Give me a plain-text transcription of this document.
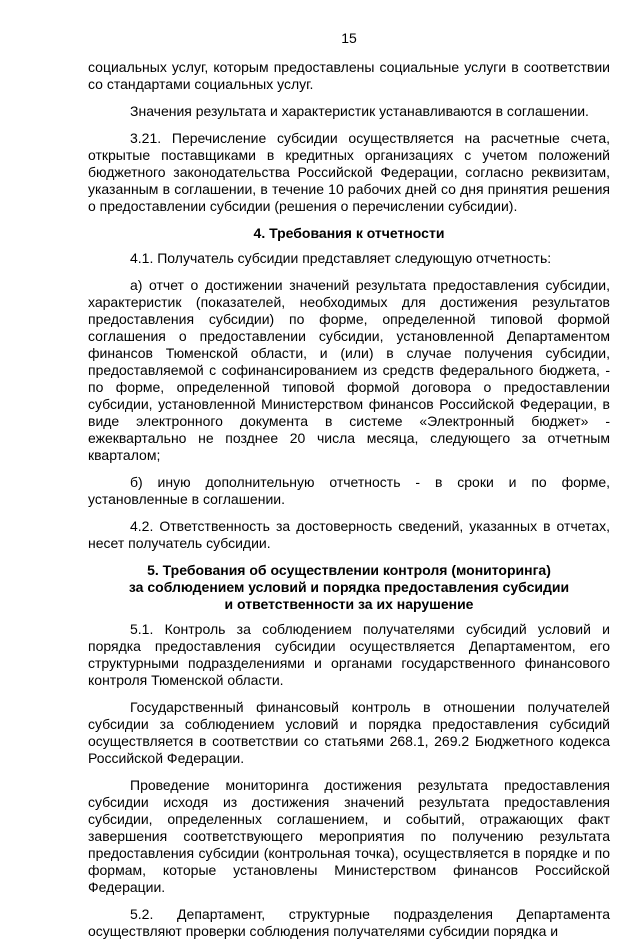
15

социальных услуг, которым предоставлены социальные услуги в соответствии со стандартами социальных услуг.

Значения результата и характеристик устанавливаются в соглашении.

3.21. Перечисление субсидии осуществляется на расчетные счета, открытые поставщиками в кредитных организациях с учетом положений бюджетного законодательства Российской Федерации, согласно реквизитам, указанным в соглашении, в течение 10 рабочих дней со дня принятия решения о предоставлении субсидии (решения о перечислении субсидии).

4. Требования к отчетности

4.1. Получатель субсидии представляет следующую отчетность:

а) отчет о достижении значений результата предоставления субсидии, характеристик (показателей, необходимых для достижения результатов предоставления субсидии) по форме, определенной типовой формой соглашения о предоставлении субсидии, установленной Департаментом финансов Тюменской области, и (или) в случае получения субсидии, предоставляемой с софинансированием из средств федерального бюджета, - по форме, определенной типовой формой договора о предоставлении субсидии, установленной Министерством финансов Российской Федерации, в виде электронного документа в системе «Электронный бюджет» - ежеквартально не позднее 20 числа месяца, следующего за отчетным кварталом;

б) иную дополнительную отчетность - в сроки и по форме, установленные в соглашении.

4.2. Ответственность за достоверность сведений, указанных в отчетах, несет получатель субсидии.

5. Требования об осуществлении контроля (мониторинга)
за соблюдением условий и порядка предоставления субсидии
и ответственности за их нарушение

5.1. Контроль за соблюдением получателями субсидий условий и порядка предоставления субсидии осуществляется Департаментом, его структурными подразделениями и органами государственного финансового контроля Тюменской области.

Государственный финансовый контроль в отношении получателей субсидии за соблюдением условий и порядка предоставления субсидий осуществляется в соответствии со статьями 268.1, 269.2 Бюджетного кодекса Российской Федерации.

Проведение мониторинга достижения результата предоставления субсидии исходя из достижения значений результата предоставления субсидии, определенных соглашением, и событий, отражающих факт завершения соответствующего мероприятия по получению результата предоставления субсидии (контрольная точка), осуществляется в порядке и по формам, которые установлены Министерством финансов Российской Федерации.

5.2. Департамент, структурные подразделения Департамента осуществляют проверки соблюдения получателями субсидии порядка и
